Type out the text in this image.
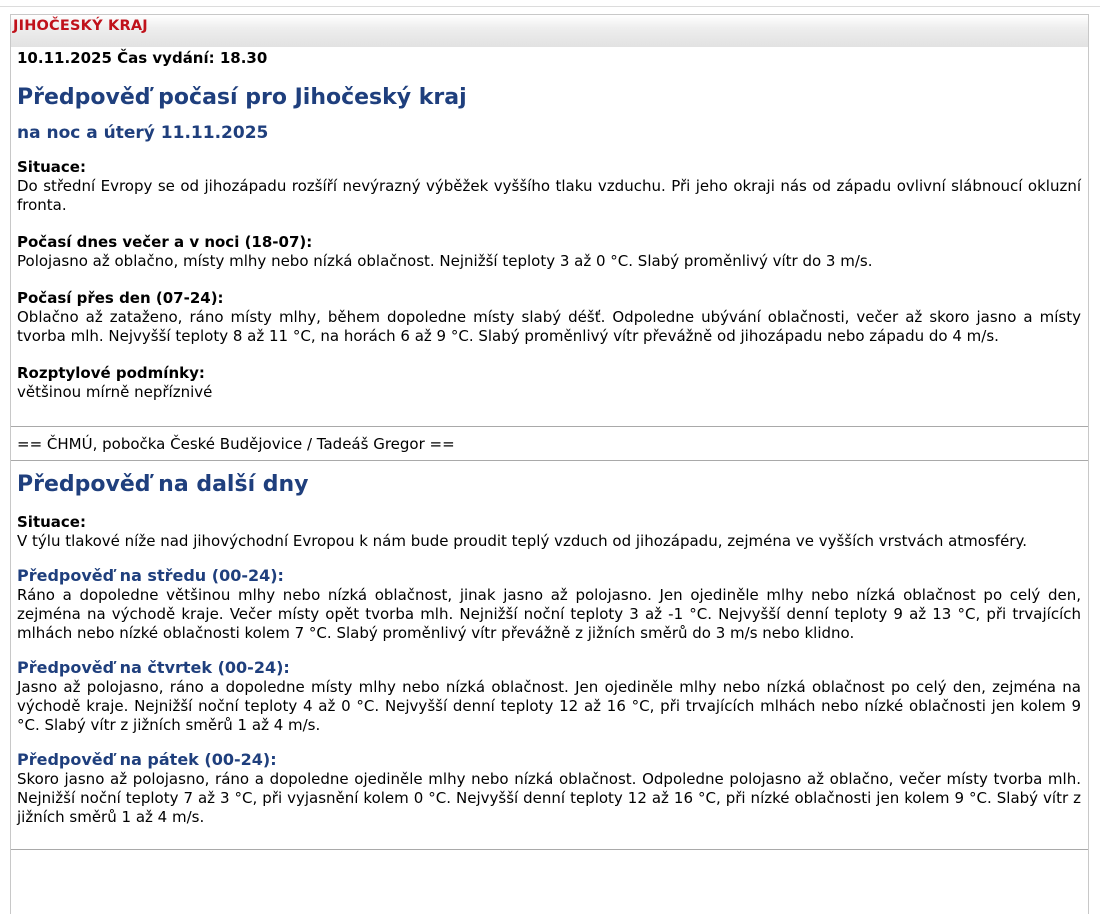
JIHOČESKÝ KRAJ
10.11.2025 Čas vydání: 18.30
Předpověď počasí pro Jihočeský kraj
na noc a úterý 11.11.2025
Situace:
Do střední Evropy se od jihozápadu rozšíří nevýrazný výběžek vyššího tlaku vzduchu. Při jeho okraji nás od západu ovlivní slábnoucí okluzní fronta.
Počasí dnes večer a v noci (18-07):
Polojasno až oblačno, místy mlhy nebo nízká oblačnost. Nejnižší teploty 3 až 0 °C. Slabý proměnlivý vítr do 3 m/s.
Počasí přes den (07-24):
Oblačno až zataženo, ráno místy mlhy, během dopoledne místy slabý déšť. Odpoledne ubývání oblačnosti, večer až skoro jasno a místy tvorba mlh. Nejvyšší teploty 8 až 11 °C, na horách 6 až 9 °C. Slabý proměnlivý vítr převážně od jihozápadu nebo západu do 4 m/s.
Rozptylové podmínky:
většinou mírně nepříznivé
== ČHMÚ, pobočka České Budějovice / Tadeáš Gregor ==
Předpověď na další dny
Situace:
V týlu tlakové níže nad jihovýchodní Evropou k nám bude proudit teplý vzduch od jihozápadu, zejména ve vyšších vrstvách atmosféry.
Předpověď na středu (00-24):
Ráno a dopoledne většinou mlhy nebo nízká oblačnost, jinak jasno až polojasno. Jen ojediněle mlhy nebo nízká oblačnost po celý den, zejména na východě kraje. Večer místy opět tvorba mlh. Nejnižší noční teploty 3 až -1 °C. Nejvyšší denní teploty 9 až 13 °C, při trvajících mlhách nebo nízké oblačnosti kolem 7 °C. Slabý proměnlivý vítr převážně z jižních směrů do 3 m/s nebo klidno.
Předpověď na čtvrtek (00-24):
Jasno až polojasno, ráno a dopoledne místy mlhy nebo nízká oblačnost. Jen ojediněle mlhy nebo nízká oblačnost po celý den, zejména na východě kraje. Nejnižší noční teploty 4 až 0 °C. Nejvyšší denní teploty 12 až 16 °C, při trvajících mlhách nebo nízké oblačnosti jen kolem 9 °C. Slabý vítr z jižních směrů 1 až 4 m/s.
Předpověď na pátek (00-24):
Skoro jasno až polojasno, ráno a dopoledne ojediněle mlhy nebo nízká oblačnost. Odpoledne polojasno až oblačno, večer místy tvorba mlh. Nejnižší noční teploty 7 až 3 °C, při vyjasnění kolem 0 °C. Nejvyšší denní teploty 12 až 16 °C, při nízké oblačnosti jen kolem 9 °C. Slabý vítr z jižních směrů 1 až 4 m/s.
